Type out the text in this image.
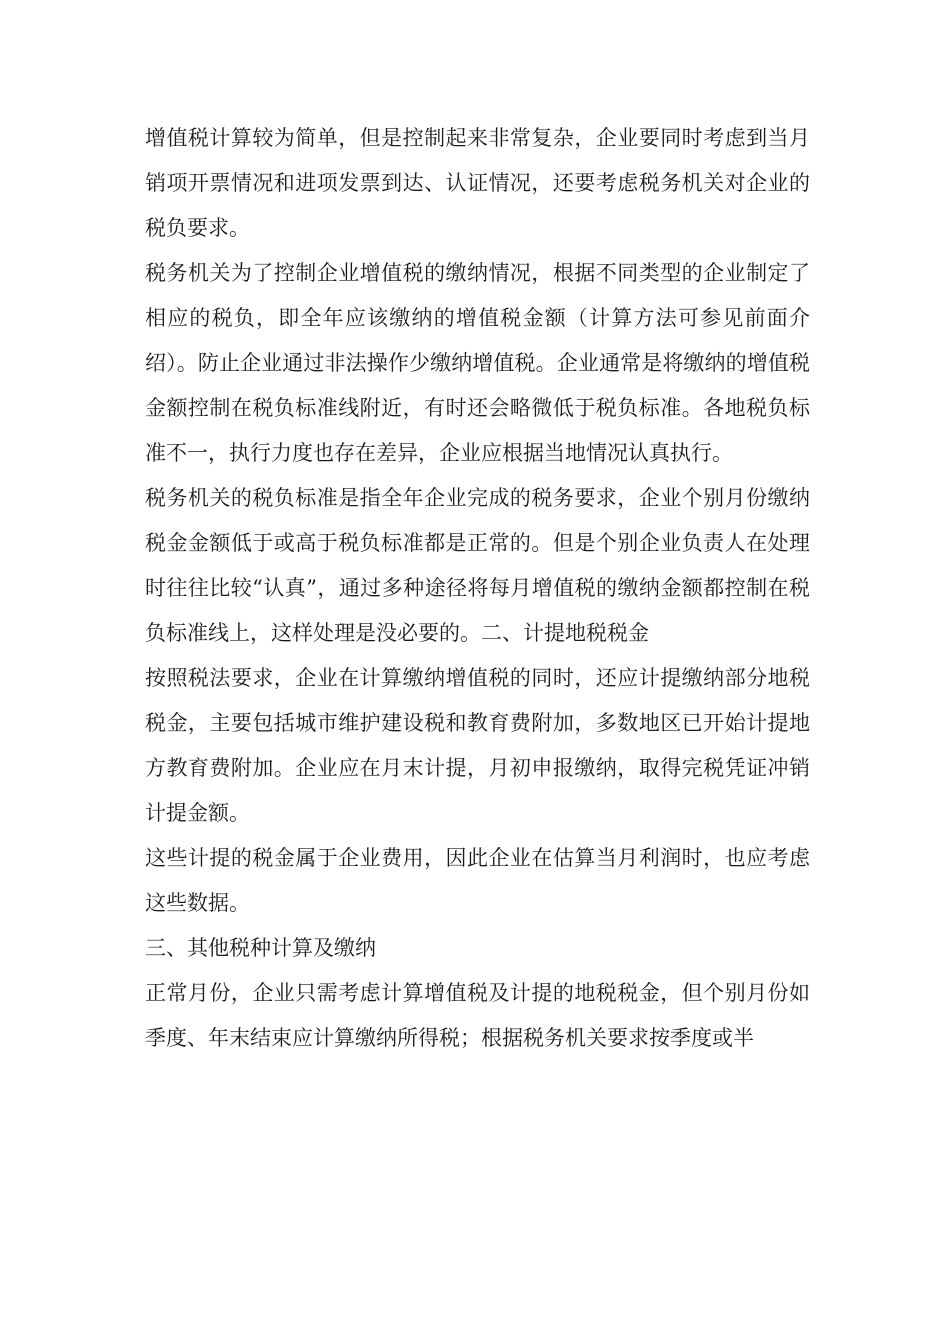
增值税计算较为简单，但是控制起来非常复杂，企业要同时考虑到当月销项开票情况和进项发票到达、认证情况，还要考虑税务机关对企业的税负要求。

税务机关为了控制企业增值税的缴纳情况，根据不同类型的企业制定了相应的税负，即全年应该缴纳的增值税金额（计算方法可参见前面介绍）。防止企业通过非法操作少缴纳增值税。企业通常是将缴纳的增值税金额控制在税负标准线附近，有时还会略微低于税负标准。各地税负标准不一，执行力度也存在差异，企业应根据当地情况认真执行。

税务机关的税负标准是指全年企业完成的税务要求，企业个别月份缴纳税金金额低于或高于税负标准都是正常的。但是个别企业负责人在处理时往往比较“认真”，通过多种途径将每月增值税的缴纳金额都控制在税负标准线上，这样处理是没必要的。二、计提地税税金

按照税法要求，企业在计算缴纳增值税的同时，还应计提缴纳部分地税税金，主要包括城市维护建设税和教育费附加，多数地区已开始计提地方教育费附加。企业应在月末计提，月初申报缴纳，取得完税凭证冲销计提金额。

这些计提的税金属于企业费用，因此企业在估算当月利润时，也应考虑这些数据。

三、其他税种计算及缴纳

正常月份，企业只需考虑计算增值税及计提的地税税金，但个别月份如季度、年末结束应计算缴纳所得税；根据税务机关要求按季度或半
